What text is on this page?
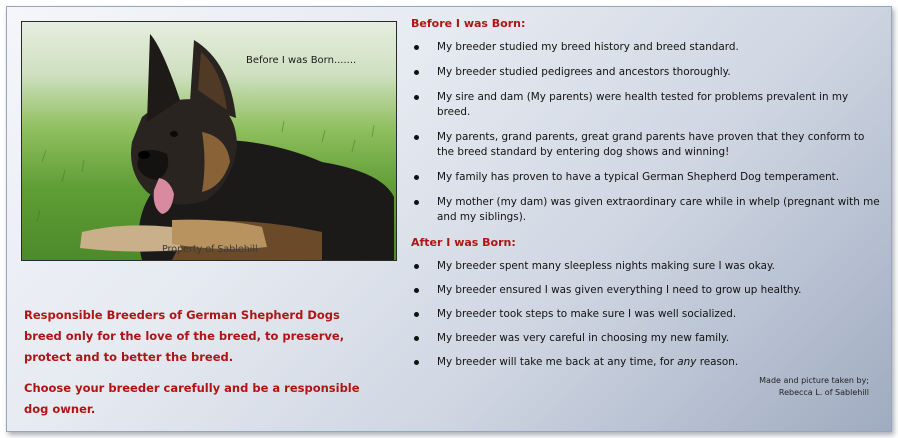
Before I was Born.......
Property of Sablehill

Responsible Breeders of German Shepherd Dogs breed only for the love of the breed, to preserve, protect and to better the breed.

Choose your breeder carefully and be a responsible dog owner.

Before I was Born:

My breeder studied my breed history and breed standard.
My breeder studied pedigrees and ancestors thoroughly.
My sire and dam (My parents) were health tested for problems prevalent in my breed.
My parents, grand parents, great grand parents have proven that they conform to the breed standard by entering dog shows and winning!
My family has proven to have a typical German Shepherd Dog temperament.
My mother (my dam) was given extraordinary care while in whelp (pregnant with me and my siblings).

After I was Born:

My breeder spent many sleepless nights making sure I was okay.
My breeder ensured I was given everything I need to grow up healthy.
My breeder took steps to make sure I was well socialized.
My breeder was very careful in choosing my new family.
My breeder will take me back at any time, for any reason.
Made and picture taken by;
Rebecca L. of Sablehill
